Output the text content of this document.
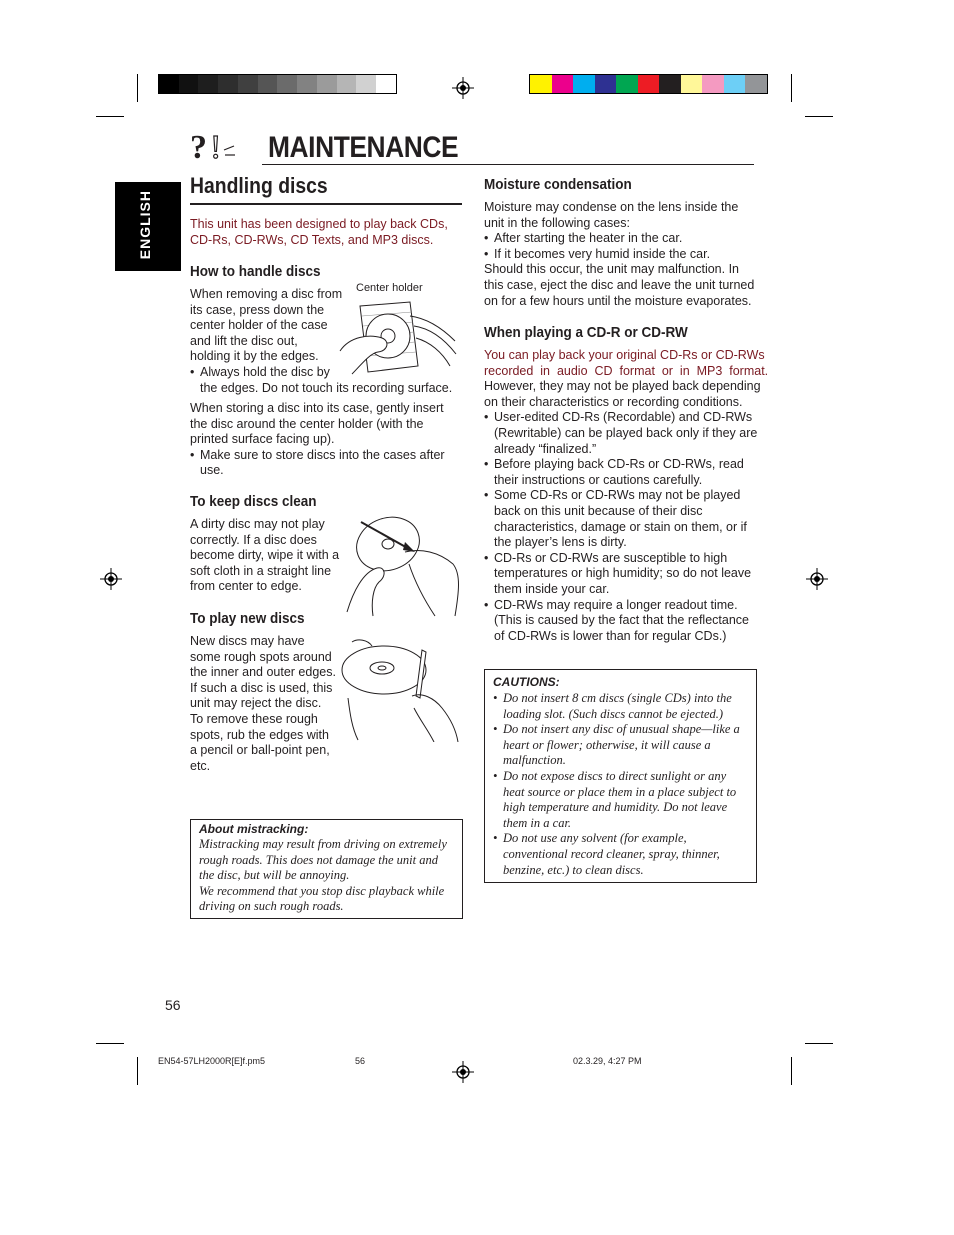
? ! MAINTENANCE
ENGLISH
Handling discs
This unit has been designed to play back CDs,
CD-Rs, CD-RWs, CD Texts, and MP3 discs.
How to handle discs
When removing a disc from
its case, press down the
center holder of the case
and lift the disc out,
holding it by the edges.
• Always hold the disc by
the edges. Do not touch its recording surface.
Center holder
When storing a disc into its case, gently insert
the disc around the center holder (with the
printed surface facing up).
• Make sure to store discs into the cases after
use.
To keep discs clean
A dirty disc may not play
correctly. If a disc does
become dirty, wipe it with a
soft cloth in a straight line
from center to edge.
To play new discs
New discs may have
some rough spots around
the inner and outer edges.
If such a disc is used, this
unit may reject the disc.
To remove these rough
spots, rub the edges with
a pencil or ball-point pen,
etc.
About mistracking:
Mistracking may result from driving on extremely
rough roads. This does not damage the unit and
the disc, but will be annoying.
We recommend that you stop disc playback while
driving on such rough roads.
Moisture condensation
Moisture may condense on the lens inside the
unit in the following cases:
• After starting the heater in the car.
• If it becomes very humid inside the car.
Should this occur, the unit may malfunction. In
this case, eject the disc and leave the unit turned
on for a few hours until the moisture evaporates.
When playing a CD-R or CD-RW
You can play back your original CD-Rs or CD-RWs
recorded  in  audio  CD  format  or  in  MP3  format.
However, they may not be played back depending
on their characteristics or recording conditions.
• User-edited CD-Rs (Recordable) and CD-RWs
(Rewritable) can be played back only if they are
already “finalized.”
• Before playing back CD-Rs or CD-RWs, read
their instructions or cautions carefully.
• Some CD-Rs or CD-RWs may not be played
back on this unit because of their disc
characteristics, damage or stain on them, or if
the player’s lens is dirty.
• CD-Rs or CD-RWs are susceptible to high
temperatures or high humidity; so do not leave
them inside your car.
• CD-RWs may require a longer readout time.
(This is caused by the fact that the reflectance
of CD-RWs is lower than for regular CDs.)
CAUTIONS:
• Do not insert 8 cm discs (single CDs) into the
loading slot. (Such discs cannot be ejected.)
• Do not insert any disc of unusual shape—like a
heart or flower; otherwise, it will cause a
malfunction.
• Do not expose discs to direct sunlight or any
heat source or place them in a place subject to
high temperature and humidity. Do not leave
them in a car.
• Do not use any solvent (for example,
conventional record cleaner, spray, thinner,
benzine, etc.) to clean discs.
56
EN54-57LH2000R[E]f.pm5	56	02.3.29, 4:27 PM
